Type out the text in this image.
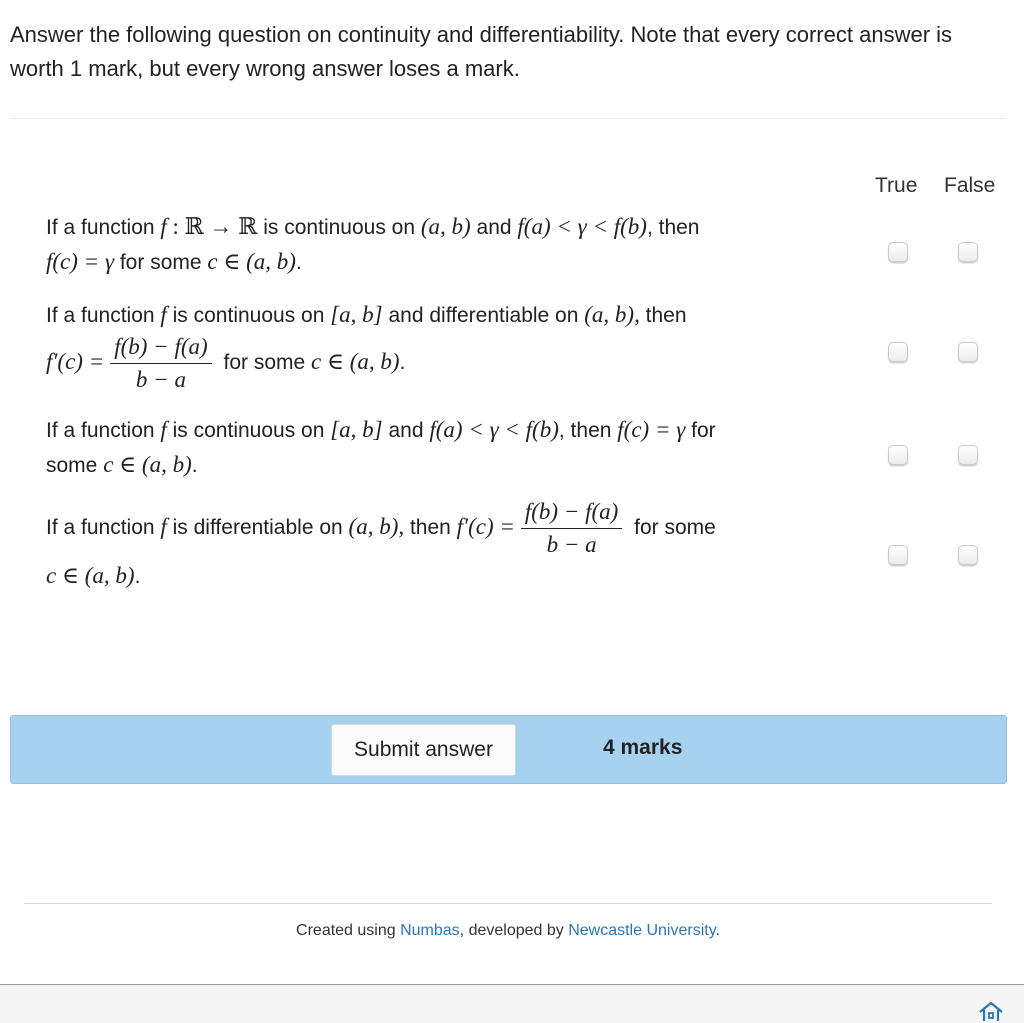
Answer the following question on continuity and differentiability. Note that every correct answer is worth 1 mark, but every wrong answer loses a mark.
True False
If a function f : ℝ → ℝ is continuous on (a, b) and f(a) < γ < f(b), then
f(c) = γ for some c ∈ (a, b).
If a function f is continuous on [a, b] and differentiable on (a, b), then
$f'(c) = \frac{f(b) - f(a)}{b - a}$ for some c ∈ (a, b).
If a function f is continuous on [a, b] and f(a) < γ < f(b), then f(c) = γ for
some c ∈ (a, b).
If a function f is differentiable on (a, b), then $f'(c) = \frac{f(b) - f(a)}{b - a}$ for some
c ∈ (a, b).
Submit answer	4 marks
Created using Numbas, developed by Newcastle University.
